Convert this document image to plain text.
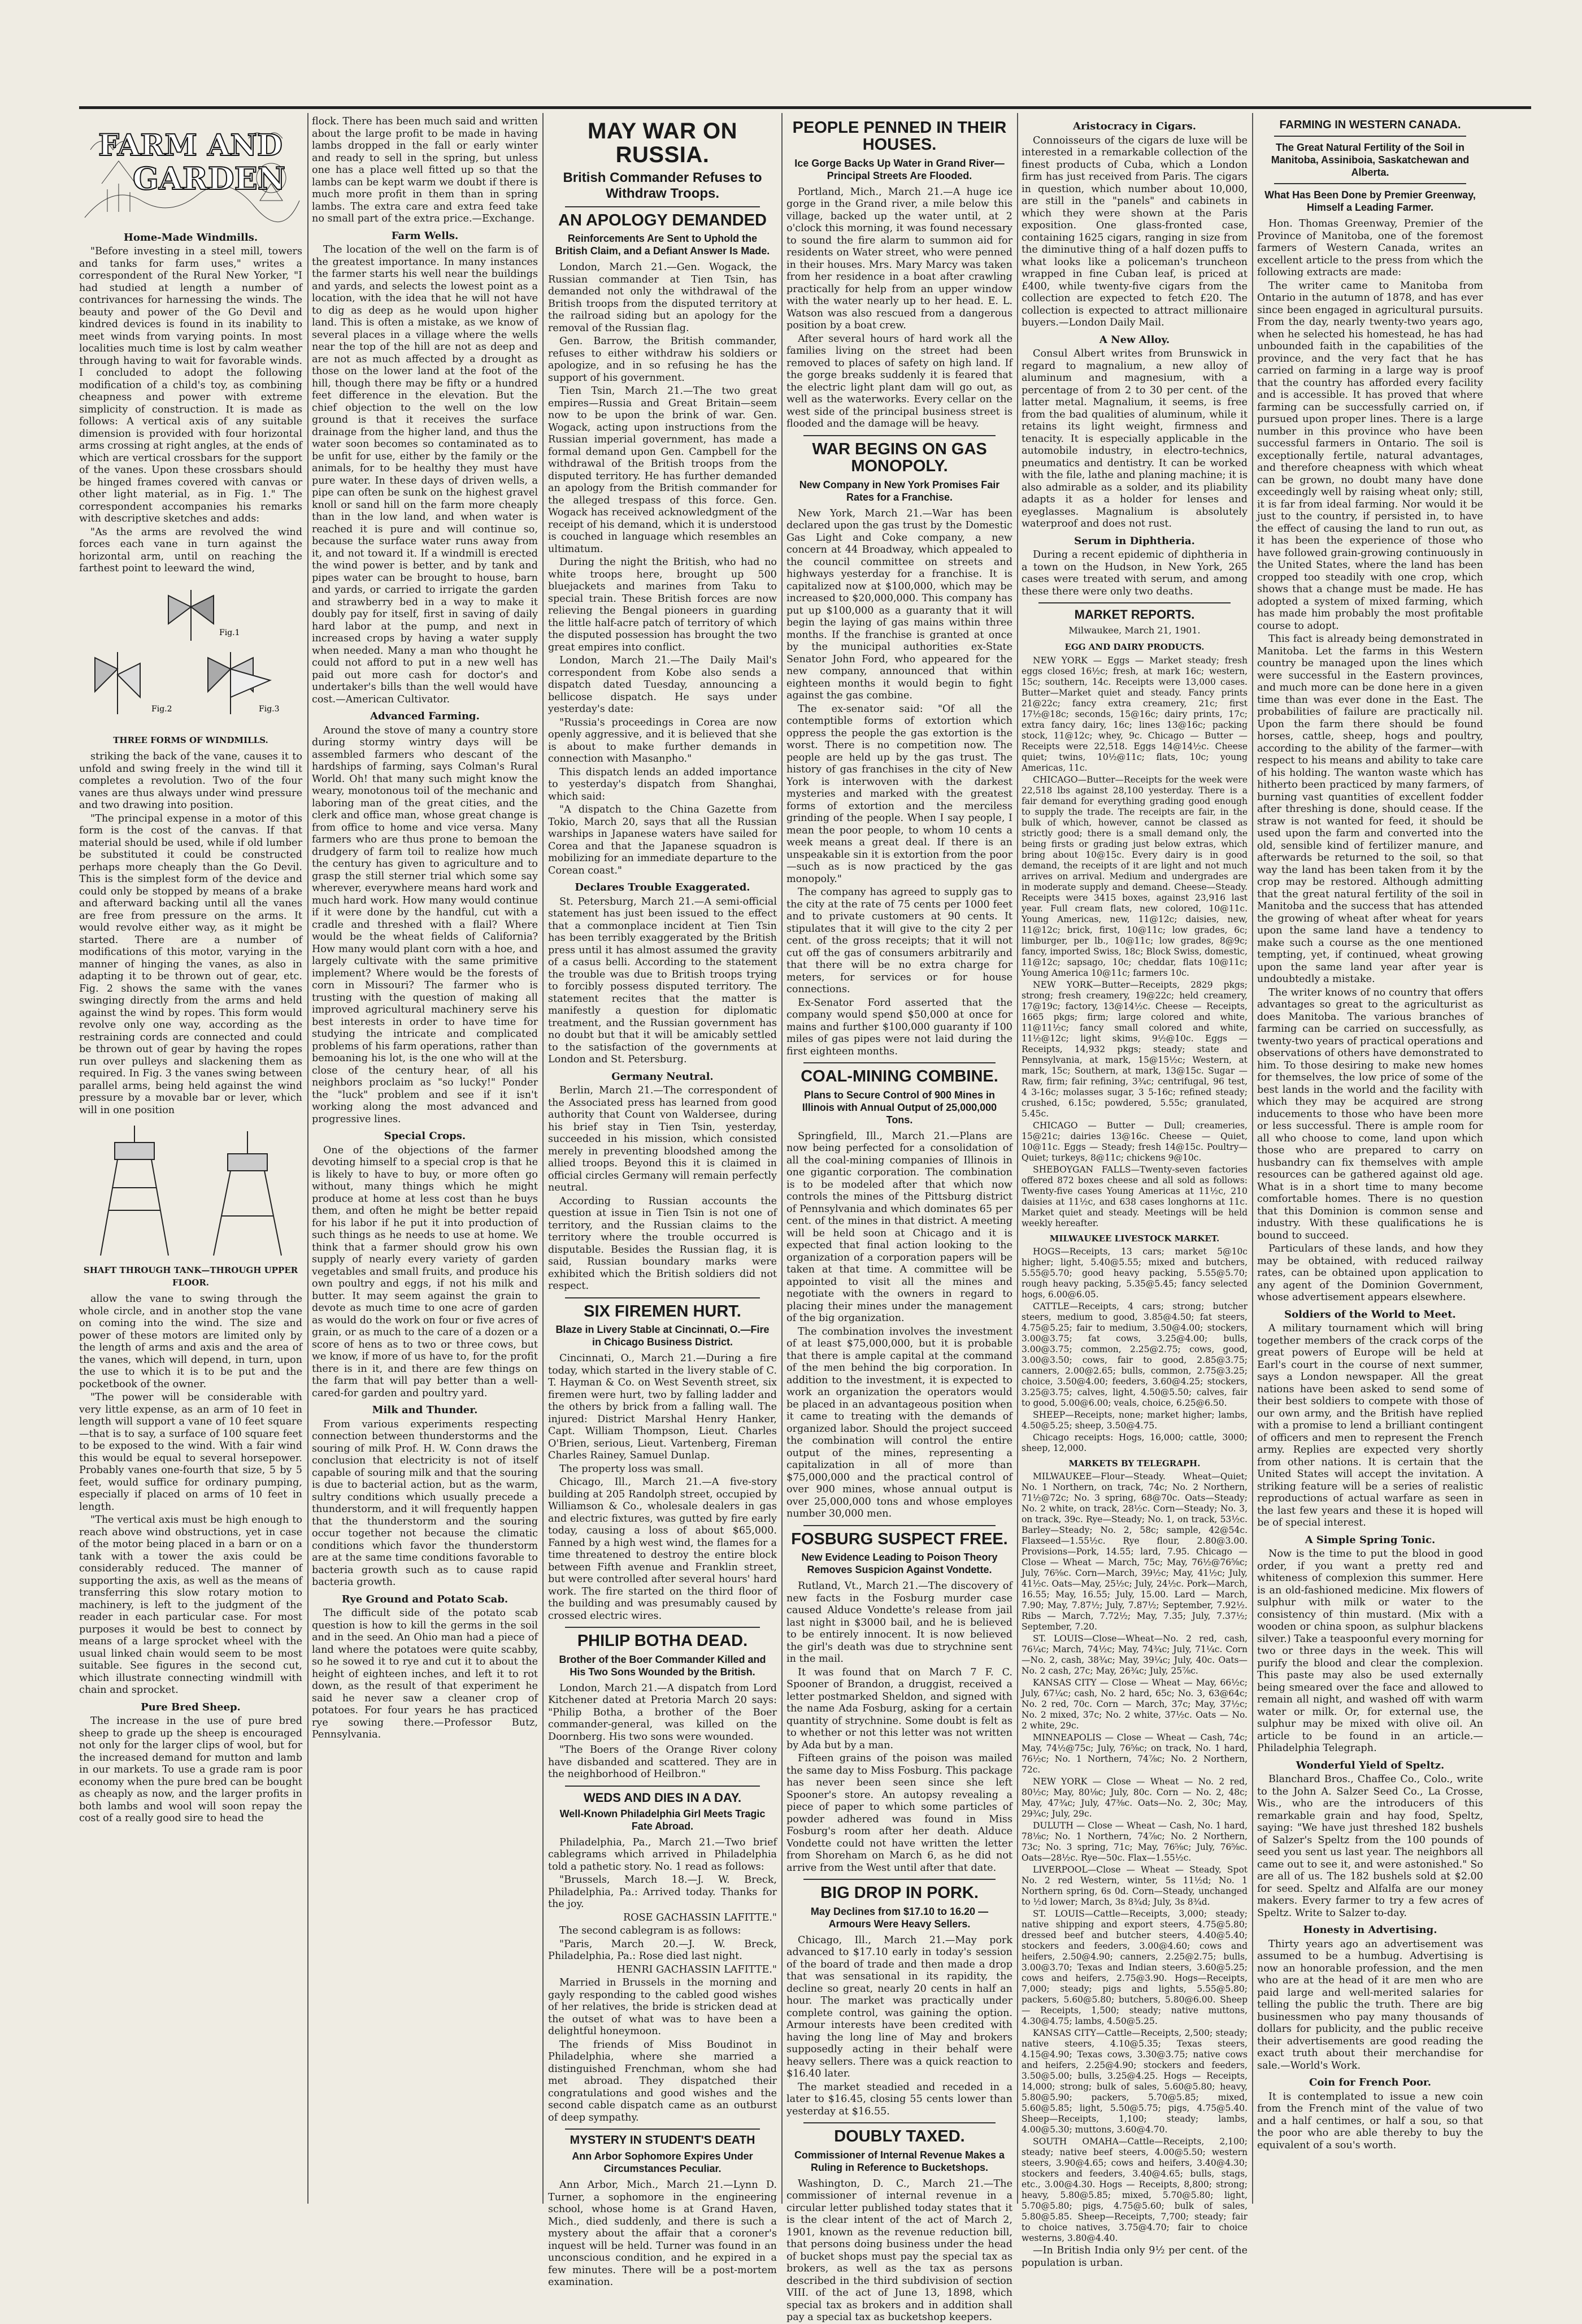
FARM AND
GARDEN
Home-Made Windmills.

"Before investing in a steel mill, towers and tanks for farm uses," writes a correspondent of the Rural New Yorker, "I had studied at length a number of contrivances for harnessing the winds. The beauty and power of the Go Devil and kindred devices is found in its inability to meet winds from varying points. In most localities much time is lost by calm weather through having to wait for favorable winds. I concluded to adopt the following modification of a child's toy, as combining cheapness and power with extreme simplicity of construction. It is made as follows: A vertical axis of any suitable dimension is provided with four horizontal arms crossing at right angles, at the ends of which are vertical crossbars for the support of the vanes. Upon these crossbars should be hinged frames covered with canvas or other light material, as in Fig. 1." The correspondent accompanies his remarks with descriptive sketches and adds:

"As the arms are revolved the wind forces each vane in turn against the horizontal arm, until on reaching the farthest point to leeward the wind,

Fig.1
Fig.2	Fig.3
THREE FORMS OF WINDMILLS.

striking the back of the vane, causes it to unfold and swing freely in the wind till it completes a revolution. Two of the four vanes are thus always under wind pressure and two drawing into position.

"The principal expense in a motor of this form is the cost of the canvas. If that material should be used, while if old lumber be substituted it could be constructed perhaps more cheaply than the Go Devil. This is the simplest form of the device and could only be stopped by means of a brake and afterward backing until all the vanes are free from pressure on the arms. It would revolve either way, as it might be started. There are a number of modifications of this motor, varying in the manner of hinging the vanes, as also in adapting it to be thrown out of gear, etc. Fig. 2 shows the same with the vanes swinging directly from the arms and held against the wind by ropes. This form would revolve only one way, according as the restraining cords are connected and could be thrown out of gear by having the ropes run over pulleys and slackening them as required. In Fig. 3 the vanes swing between parallel arms, being held against the wind pressure by a movable bar or lever, which will in one position

SHAFT THROUGH TANK—THROUGH UPPER FLOOR.

allow the vane to swing through the whole circle, and in another stop the vane on coming into the wind. The size and power of these motors are limited only by the length of arms and axis and the area of the vanes, which will depend, in turn, upon the use to which it is to be put and the pocketbook of the owner.

"The power will be considerable with very little expense, as an arm of 10 feet in length will support a vane of 10 feet square—that is to say, a surface of 100 square feet to be exposed to the wind. With a fair wind this would be equal to several horsepower. Probably vanes one-fourth that size, 5 by 5 feet, would suffice for ordinary pumping, especially if placed on arms of 10 feet in length.

"The vertical axis must be high enough to reach above wind obstructions, yet in case of the motor being placed in a barn or on a tank with a tower the axis could be considerably reduced. The manner of supporting the axis, as well as the means of transferring this slow rotary motion to machinery, is left to the judgment of the reader in each particular case. For most purposes it would be best to connect by means of a large sprocket wheel with the usual linked chain would seem to be most suitable. See figures in the second cut, which illustrate connecting windmill with chain and sprocket.

Pure Bred Sheep.

The increase in the use of pure bred sheep to grade up the sheep is encouraged not only for the larger clips of wool, but for the increased demand for mutton and lamb in our markets. To use a grade ram is poor economy when the pure bred can be bought as cheaply as now, and the larger profits in both lambs and wool will soon repay the cost of a really good sire to head the

flock. There has been much said and written about the large profit to be made in having lambs dropped in the fall or early winter and ready to sell in the spring, but unless one has a place well fitted up so that the lambs can be kept warm we doubt if there is much more profit in them than in spring lambs. The extra care and extra feed take no small part of the extra price.—Exchange.

Farm Wells.

The location of the well on the farm is of the greatest importance. In many instances the farmer starts his well near the buildings and yards, and selects the lowest point as a location, with the idea that he will not have to dig as deep as he would upon higher land. This is often a mistake, as we know of several places in a village where the wells near the top of the hill are not as deep and are not as much affected by a drought as those on the lower land at the foot of the hill, though there may be fifty or a hundred feet difference in the elevation. But the chief objection to the well on the low ground is that it receives the surface drainage from the higher land, and thus the water soon becomes so contaminated as to be unfit for use, either by the family or the animals, for to be healthy they must have pure water. In these days of driven wells, a pipe can often be sunk on the highest gravel knoll or sand hill on the farm more cheaply than in the low land, and when water is reached it is pure and will continue so, because the surface water runs away from it, and not toward it. If a windmill is erected the wind power is better, and by tank and pipes water can be brought to house, barn and yards, or carried to irrigate the garden and strawberry bed in a way to make it doubly pay for itself, first in saving of daily hard labor at the pump, and next in increased crops by having a water supply when needed. Many a man who thought he could not afford to put in a new well has paid out more cash for doctor's and undertaker's bills than the well would have cost.—American Cultivator.

Advanced Farming.

Around the stove of many a country store during stormy wintry days will be assembled farmers who descant of the hardships of farming, says Colman's Rural World. Oh! that many such might know the weary, monotonous toil of the mechanic and laboring man of the great cities, and the clerk and office man, whose great change is from office to home and vice versa. Many farmers who are thus prone to bemoan the drudgery of farm toil to realize how much the century has given to agriculture and to grasp the still sterner trial which some say wherever, everywhere means hard work and much hard work. How many would continue if it were done by the handful, cut with a cradle and threshed with a flail? Where would be the wheat fields of California? How many would plant corn with a hoe, and largely cultivate with the same primitive implement? Where would be the forests of corn in Missouri? The farmer who is trusting with the question of making all improved agricultural machinery serve his best interests in order to have time for studying the intricate and complicated problems of his farm operations, rather than bemoaning his lot, is the one who will at the close of the century hear, of all his neighbors proclaim as "so lucky!" Ponder the "luck" problem and see if it isn't working along the most advanced and progressive lines.

Special Crops.

One of the objections of the farmer devoting himself to a special crop is that he is likely to have to buy, or more often go without, many things which he might produce at home at less cost than he buys them, and often he might be better repaid for his labor if he put it into production of such things as he needs to use at home. We think that a farmer should grow his own supply of nearly every variety of garden vegetables and small fruits, and produce his own poultry and eggs, if not his milk and butter. It may seem against the grain to devote as much time to one acre of garden as would do the work on four or five acres of grain, or as much to the care of a dozen or a score of hens as to two or three cows, but we know, if more of us have to, for the profit there is in it, and there are few things on the farm that will pay better than a well-cared-for garden and poultry yard.

Milk and Thunder.

From various experiments respecting connection between thunderstorms and the souring of milk Prof. H. W. Conn draws the conclusion that electricity is not of itself capable of souring milk and that the souring is due to bacterial action, but as the warm, sultry conditions which usually precede a thunderstorm, and it will frequently happen that the thunderstorm and the souring occur together not because the climatic conditions which favor the thunderstorm are at the same time conditions favorable to bacteria growth such as to cause rapid bacteria growth.

Rye Ground and Potato Scab.

The difficult side of the potato scab question is how to kill the germs in the soil and in the seed. An Ohio man had a piece of land where the potatoes were quite scabby, so he sowed it to rye and cut it to about the height of eighteen inches, and left it to rot down, as the result of that experiment he said he never saw a cleaner crop of potatoes. For four years he has practiced rye sowing there.—Professor Butz, Pennsylvania.

MAY WAR ON RUSSIA.
British Commander Refuses to Withdraw Troops.
AN APOLOGY DEMANDED
Reinforcements Are Sent to Uphold the British Claim, and a Defiant Answer Is Made.

London, March 21.—Gen. Wogack, the Russian commander at Tien Tsin, has demanded not only the withdrawal of the British troops from the disputed territory at the railroad siding but an apology for the removal of the Russian flag.

Gen. Barrow, the British commander, refuses to either withdraw his soldiers or apologize, and in so refusing he has the support of his government.

Tien Tsin, March 21.—The two great empires—Russia and Great Britain—seem now to be upon the brink of war. Gen. Wogack, acting upon instructions from the Russian imperial government, has made a formal demand upon Gen. Campbell for the withdrawal of the British troops from the disputed territory. He has further demanded an apology from the British commander for the alleged trespass of this force. Gen. Wogack has received acknowledgment of the receipt of his demand, which it is understood is couched in language which resembles an ultimatum.

During the night the British, who had no white troops here, brought up 500 bluejackets and marines from Taku to special train. These British forces are now relieving the Bengal pioneers in guarding the little half-acre patch of territory of which the disputed possession has brought the two great empires into conflict.

London, March 21.—The Daily Mail's correspondent from Kobe also sends a dispatch dated Tuesday, announcing a bellicose dispatch. He says under yesterday's date:

"Russia's proceedings in Corea are now openly aggressive, and it is believed that she is about to make further demands in connection with Masanpho."

This dispatch lends an added importance to yesterday's dispatch from Shanghai, which said:

"A dispatch to the China Gazette from Tokio, March 20, says that all the Russian warships in Japanese waters have sailed for Corea and that the Japanese squadron is mobilizing for an immediate departure to the Corean coast."

Declares Trouble Exaggerated.

St. Petersburg, March 21.—A semi-official statement has just been issued to the effect that a commonplace incident at Tien Tsin has been terribly exaggerated by the British press until it has almost assumed the gravity of a casus belli. According to the statement the trouble was due to British troops trying to forcibly possess disputed territory. The statement recites that the matter is manifestly a question for diplomatic treatment, and the Russian government has no doubt but that it will be amicably settled to the satisfaction of the governments at London and St. Petersburg.

Germany Neutral.

Berlin, March 21.—The correspondent of the Associated press has learned from good authority that Count von Waldersee, during his brief stay in Tien Tsin, yesterday, succeeded in his mission, which consisted merely in preventing bloodshed among the allied troops. Beyond this it is claimed in official circles Germany will remain perfectly neutral.

According to Russian accounts the question at issue in Tien Tsin is not one of territory, and the Russian claims to the territory where the trouble occurred is disputable. Besides the Russian flag, it is said, Russian boundary marks were exhibited which the British soldiers did not respect.

SIX FIREMEN HURT.
Blaze in Livery Stable at Cincinnati, O.—Fire in Chicago Business District.

Cincinnati, O., March 21.—During a fire today, which started in the livery stable of C. T. Hayman & Co. on West Seventh street, six firemen were hurt, two by falling ladder and the others by brick from a falling wall. The injured: District Marshal Henry Hanker, Capt. William Thompson, Lieut. Charles O'Brien, serious, Lieut. Vartenberg, Fireman Charles Rainey, Samuel Dunlap.

The property loss was small.

Chicago, Ill., March 21.—A five-story building at 205 Randolph street, occupied by Williamson & Co., wholesale dealers in gas and electric fixtures, was gutted by fire early today, causing a loss of about $65,000. Fanned by a high west wind, the flames for a time threatened to destroy the entire block between Fifth avenue and Franklin street, but were controlled after several hours' hard work. The fire started on the third floor of the building and was presumably caused by crossed electric wires.

PHILIP BOTHA DEAD.
Brother of the Boer Commander Killed and His Two Sons Wounded by the British.

London, March 21.—A dispatch from Lord Kitchener dated at Pretoria March 20 says: "Philip Botha, a brother of the Boer commander-general, was killed on the Doornberg. His two sons were wounded.

"The Boers of the Orange River colony have disbanded and scattered. They are in the neighborhood of Heilbron."

WEDS AND DIES IN A DAY.
Well-Known Philadelphia Girl Meets Tragic Fate Abroad.

Philadelphia, Pa., March 21.—Two brief cablegrams which arrived in Philadelphia told a pathetic story. No. 1 read as follows:

"Brussels, March 18.—J. W. Breck, Philadelphia, Pa.: Arrived today. Thanks for the joy.

ROSE GACHASSIN LAFITTE."

The second cablegram is as follows:

"Paris, March 20.—J. W. Breck, Philadelphia, Pa.: Rose died last night.

HENRI GACHASSIN LAFITTE."

Married in Brussels in the morning and gayly responding to the cabled good wishes of her relatives, the bride is stricken dead at the outset of what was to have been a delightful honeymoon.

The friends of Miss Boudinot in Philadelphia, where she married a distinguished Frenchman, whom she had met abroad. They dispatched their congratulations and good wishes and the second cable dispatch came as an outburst of deep sympathy.

MYSTERY IN STUDENT'S DEATH
Ann Arbor Sophomore Expires Under Circumstances Peculiar.

Ann Arbor, Mich., March 21.—Lynn D. Turner, a sophomore in the engineering school, whose home is at Grand Haven, Mich., died suddenly, and there is such a mystery about the affair that a coroner's inquest will be held. Turner was found in an unconscious condition, and he expired in a few minutes. There will be a post-mortem examination.

PEOPLE PENNED IN THEIR HOUSES.
Ice Gorge Backs Up Water in Grand River—Principal Streets Are Flooded.

Portland, Mich., March 21.—A huge ice gorge in the Grand river, a mile below this village, backed up the water until, at 2 o'clock this morning, it was found necessary to sound the fire alarm to summon aid for residents on Water street, who were penned in their houses. Mrs. Mary Marcy was taken from her residence in a boat after crawling practically for help from an upper window with the water nearly up to her head. E. L. Watson was also rescued from a dangerous position by a boat crew.

After several hours of hard work all the families living on the street had been removed to places of safety on high land. If the gorge breaks suddenly it is feared that the electric light plant dam will go out, as well as the waterworks. Every cellar on the west side of the principal business street is flooded and the damage will be heavy.

WAR BEGINS ON GAS MONOPOLY.
New Company in New York Promises Fair Rates for a Franchise.

New York, March 21.—War has been declared upon the gas trust by the Domestic Gas Light and Coke company, a new concern at 44 Broadway, which appealed to the council committee on streets and highways yesterday for a franchise. It is capitalized now at $100,000, which may be increased to $20,000,000. This company has put up $100,000 as a guaranty that it will begin the laying of gas mains within three months. If the franchise is granted at once by the municipal authorities ex-State Senator John Ford, who appeared for the new company, announced that within eighteen months it would begin to fight against the gas combine.

The ex-senator said: "Of all the contemptible forms of extortion which oppress the people the gas extortion is the worst. There is no competition now. The people are held up by the gas trust. The history of gas franchises in the city of New York is interwoven with the darkest mysteries and marked with the greatest forms of extortion and the merciless grinding of the people. When I say people, I mean the poor people, to whom 10 cents a week means a great deal. If there is an unspeakable sin it is extortion from the poor—such as is now practiced by the gas monopoly."

The company has agreed to supply gas to the city at the rate of 75 cents per 1000 feet and to private customers at 90 cents. It stipulates that it will give to the city 2 per cent. of the gross receipts; that it will not cut off the gas of consumers arbitrarily and that there will be no extra charge for meters, for services or for house connections.

Ex-Senator Ford asserted that the company would spend $50,000 at once for mains and further $100,000 guaranty if 100 miles of gas pipes were not laid during the first eighteen months.

COAL-MINING COMBINE.
Plans to Secure Control of 900 Mines in Illinois with Annual Output of 25,000,000 Tons.

Springfield, Ill., March 21.—Plans are now being perfected for a consolidation of all the coal-mining companies of Illinois in one gigantic corporation. The combination is to be modeled after that which now controls the mines of the Pittsburg district of Pennsylvania and which dominates 65 per cent. of the mines in that district. A meeting will be held soon at Chicago and it is expected that final action looking to the organization of a corporation papers will be taken at that time. A committee will be appointed to visit all the mines and negotiate with the owners in regard to placing their mines under the management of the big organization.

The combination involves the investment of at least $75,000,000, but it is probable that there is ample capital at the command of the men behind the big corporation. In addition to the investment, it is expected to work an organization the operators would be placed in an advantageous position when it came to treating with the demands of organized labor. Should the project succeed the combination will control the entire output of the mines, representing a capitalization in all of more than $75,000,000 and the practical control of over 900 mines, whose annual output is over 25,000,000 tons and whose employes number 30,000 men.

FOSBURG SUSPECT FREE.
New Evidence Leading to Poison Theory Removes Suspicion Against Vondette.

Rutland, Vt., March 21.—The discovery of new facts in the Fosburg murder case caused Alduce Vondette's release from jail last night in $3000 bail, and he is believed to be entirely innocent. It is now believed the girl's death was due to strychnine sent in the mail.

It was found that on March 7 F. C. Spooner of Brandon, a druggist, received a letter postmarked Sheldon, and signed with the name Ada Fosburg, asking for a certain quantity of strychnine. Some doubt is felt as to whether or not this letter was not written by Ada but by a man.

Fifteen grains of the poison was mailed the same day to Miss Fosburg. This package has never been seen since she left Spooner's store. An autopsy revealing a piece of paper to which some particles of powder adhered was found in Miss Fosburg's room after her death. Alduce Vondette could not have written the letter from Shoreham on March 6, as he did not arrive from the West until after that date.

BIG DROP IN PORK.
May Declines from $17.10 to 16.20 —Armours Were Heavy Sellers.

Chicago, Ill., March 21.—May pork advanced to $17.10 early in today's session of the board of trade and then made a drop that was sensational in its rapidity, the decline so great, nearly 20 cents in half an hour. The market was practically under complete control, was gaining the option. Armour interests have been credited with having the long line of May and brokers supposedly acting in their behalf were heavy sellers. There was a quick reaction to $16.40 later.

The market steadied and receded in a later to $16.45, closing 55 cents lower than yesterday at $16.55.

DOUBLY TAXED.
Commissioner of Internal Revenue Makes a Ruling in Reference to Bucketshops.

Washington, D. C., March 21.—The commissioner of internal revenue in a circular letter published today states that it is the clear intent of the act of March 2, 1901, known as the revenue reduction bill, that persons doing business under the head of bucket shops must pay the special tax as brokers, as well as the tax as persons described in the third subdivision of section VIII. of the act of June 13, 1898, which special tax as brokers and in addition shall pay a special tax as bucketshop keepers.

Aristocracy in Cigars.

Connoisseurs of the cigars de luxe will be interested in a remarkable collection of the finest products of Cuba, which a London firm has just received from Paris. The cigars in question, which number about 10,000, are still in the "panels" and cabinets in which they were shown at the Paris exposition. One glass-fronted case, containing 1625 cigars, ranging in size from the diminutive thing of a half dozen puffs to what looks like a policeman's truncheon wrapped in fine Cuban leaf, is priced at £400, while twenty-five cigars from the collection are expected to fetch £20. The collection is expected to attract millionaire buyers.—London Daily Mail.

A New Alloy.

Consul Albert writes from Brunswick in regard to magnalium, a new alloy of aluminum and magnesium, with a percentage of from 2 to 30 per cent. of the latter metal. Magnalium, it seems, is free from the bad qualities of aluminum, while it retains its light weight, firmness and tenacity. It is especially applicable in the automobile industry, in electro-technics, pneumatics and dentistry. It can be worked with the file, lathe and planing machine; it is also admirable as a solder, and its pliability adapts it as a holder for lenses and eyeglasses. Magnalium is absolutely waterproof and does not rust.

Serum in Diphtheria.

During a recent epidemic of diphtheria in a town on the Hudson, in New York, 265 cases were treated with serum, and among these there were only two deaths.

MARKET REPORTS.
Milwaukee, March 21, 1901.
EGG AND DAIRY PRODUCTS.

NEW YORK — Eggs — Market steady; fresh eggs closed 16½c; fresh, at mark 16c; western, 15c; southern, 14c. Receipts were 13,000 cases. Butter—Market quiet and steady. Fancy prints 21@22c; fancy extra creamery, 21c; first 17½@18c; seconds, 15@16c; dairy prints, 17c; extra fancy dairy, 16c; lines 13@16c; packing stock, 11@12c; whey, 9c. Chicago — Butter — Receipts were 22,518. Eggs 14@14½c. Cheese quiet; twins, 10½@11c; flats, 10c; young Americas, 11c.

CHICAGO—Butter—Receipts for the week were 22,518 lbs against 28,100 yesterday. There is a fair demand for everything grading good enough to supply the trade. The receipts are fair, in the bulk of which, however, cannot be classed as strictly good; there is a small demand only, the being firsts or grading just below extras, which bring about 10@15c. Every dairy is in good demand, the receipts of it are light and not much arrives on arrival. Medium and undergrades are in moderate supply and demand. Cheese—Steady. Receipts were 3415 boxes, against 23,916 last year. Full cream flats, new colored, 10@11c. Young Americas, new, 11@12c; daisies, new, 11@12c; brick, first, 10@11c; low grades, 6c; limburger, per lb., 10@11c; low grades, 8@9c; fancy, imported Swiss, 18c; Block Swiss, domestic, 11@12c; sapsago, 10c; cheddar, flats 10@11c; Young America 10@11c; farmers 10c.

NEW YORK—Butter—Receipts, 2829 pkgs; strong; fresh creamery, 19@22c; held creamery, 17@19c; factory, 13@14½c. Cheese — Receipts, 1665 pkgs; firm; large colored and white, 11@11½c; fancy small colored and white, 11½@12c; light skims, 9½@10c. Eggs — Receipts, 14,932 pkgs; steady; state and Pennsylvania, at mark, 15@15½c; Western, at mark, 15c; Southern, at mark, 13@15c. Sugar — Raw, firm; fair refining, 3¾c; centrifugal, 96 test, 4 3-16c; molasses sugar, 3 5-16c; refined steady; crushed, 6.15c; powdered, 5.55c; granulated, 5.45c.

CHICAGO — Butter — Dull; creameries, 15@21c; dairies 13@16c. Cheese — Quiet, 10@11c. Eggs — Steady; fresh 14@15c. Poultry—Quiet; turkeys, 8@11c; chickens 9@10c.

SHEBOYGAN FALLS—Twenty-seven factories offered 872 boxes cheese and all sold as follows: Twenty-five cases Young Americas at 11½c, 210 daisies at 11½c, and 638 cases longhorns at 11c. Market quiet and steady. Meetings will be held weekly hereafter.

MILWAUKEE LIVESTOCK MARKET.

HOGS—Receipts, 13 cars; market 5@10c higher; light, 5.40@5.55; mixed and butchers, 5.55@5.70; good heavy packing, 5.55@5.70; rough heavy packing, 5.35@5.45; fancy selected hogs, 6.00@6.05.

CATTLE—Receipts, 4 cars; strong; butcher steers, medium to good, 3.85@4.50; fat steers, 4.75@5.25; fair to medium, 3.50@4.00; stockers, 3.00@3.75; fat cows, 3.25@4.00; bulls, 3.00@3.75; common, 2.25@2.75; cows, good, 3.00@3.50; cows, fair to good, 2.85@3.75; canners, 2.00@2.65; bulls, common, 2.75@3.25; choice, 3.50@4.00; feeders, 3.60@4.25; stockers, 3.25@3.75; calves, light, 4.50@5.50; calves, fair to good, 5.00@6.00; veals, choice, 6.25@6.50.

SHEEP—Receipts, none; market higher; lambs, 4.50@5.25; sheep, 3.50@4.75.

Chicago receipts: Hogs, 16,000; cattle, 3000; sheep, 12,000.

MARKETS BY TELEGRAPH.

MILWAUKEE—Flour—Steady. Wheat—Quiet; No. 1 Northern, on track, 74c; No. 2 Northern, 71½@72c; No. 3 spring, 68@70c. Oats—Steady; No. 2 white, on track, 28½c. Corn—Steady; No. 3, on track, 39c. Rye—Steady; No. 1, on track, 53½c. Barley—Steady; No. 2, 58c; sample, 42@54c. Flaxseed—1.55½c. Rye flour, 2.80@3.00. Provisions—Pork, 14.55; lard, 7.95. Chicago — Close — Wheat — March, 75c; May, 76½@76⅝c; July, 76⅝c. Corn—March, 39½c; May, 41½c; July, 41½c. Oats—May, 25½c; July, 24½c. Pork—March, 16.55; May, 16.55; July, 15.00. Lard — March, 7.90; May, 7.87½; July, 7.87½; September, 7.92½. Ribs — March, 7.72½; May, 7.35; July, 7.37½; September, 7.20.

ST. LOUIS—Close—Wheat—No. 2 red, cash, 76¼c; March, 74½c; May, 74¾c; July, 71¼c. Corn—No. 2, cash, 38¾c; May, 39¼c; July, 40c. Oats—No. 2 cash, 27c; May, 26¾c; July, 25⅞c.

KANSAS CITY — Close — Wheat — May, 66½c; July, 67¼c; cash, No. 2 hard, 65c; No. 3, 63@64c; No. 2 red, 70c. Corn — March, 37c; May, 37½c; No. 2 mixed, 37c; No. 2 white, 37½c. Oats — No. 2 white, 29c.

MINNEAPOLIS — Close — Wheat — Cash, 74c; May, 74½@75c; July, 76⅝c; on track, No. 1 hard, 76½c; No. 1 Northern, 74⅞c; No. 2 Northern, 72c.

NEW YORK — Close — Wheat — No. 2 red, 80½c; May, 80⅛c; July, 80c. Corn — No. 2, 48c; May, 47¾c; July, 47⅜c. Oats—No. 2, 30c; May, 29¾c; July, 29c.

DULUTH — Close — Wheat — Cash, No. 1 hard, 78⅛c; No. 1 Northern, 74⅞c; No. 2 Northern, 73c; No. 3 spring, 71c; May, 76⅝c; July, 76⅝c. Oats—28½c. Rye—50c. Flax—1.55½c.

LIVERPOOL—Close — Wheat — Steady, Spot No. 2 red Western, winter, 5s 11½d; No. 1 Northern spring, 6s 0d. Corn—Steady, unchanged to ½d lower; March, 3s 8¾d; July, 3s 8¾d.

ST. LOUIS—Cattle—Receipts, 3,000; steady; native shipping and export steers, 4.75@5.80; dressed beef and butcher steers, 4.40@5.40; stockers and feeders, 3.00@4.60; cows and heifers, 2.50@4.90; canners, 2.25@2.75; bulls, 3.00@3.70; Texas and Indian steers, 3.60@5.25; cows and heifers, 2.75@3.90. Hogs—Receipts, 7,000; steady; pigs and lights, 5.55@5.80; packers, 5.60@5.80; butchers, 5.80@6.00. Sheep — Receipts, 1,500; steady; native muttons, 4.30@4.75; lambs, 4.50@5.25.

KANSAS CITY—Cattle—Receipts, 2,500; steady; native steers, 4.10@5.35; Texas steers, 4.15@4.90; Texas cows, 3.30@3.75; native cows and heifers, 2.25@4.90; stockers and feeders, 3.50@5.00; bulls, 3.25@4.25. Hogs — Receipts, 14,000; strong; bulk of sales, 5.60@5.80; heavy, 5.80@5.90; packers, 5.70@5.85; mixed, 5.60@5.85; light, 5.50@5.75; pigs, 4.75@5.40. Sheep—Receipts, 1,100; steady; lambs, 4.00@5.30; muttons, 3.60@4.70.

SOUTH OMAHA—Cattle—Receipts, 2,100; steady; native beef steers, 4.00@5.50; western steers, 3.90@4.65; cows and heifers, 3.40@4.30; stockers and feeders, 3.40@4.65; bulls, stags, etc., 3.00@4.30. Hogs — Receipts, 8,800; strong; heavy, 5.80@5.85; mixed, 5.70@5.80; light, 5.70@5.80; pigs, 4.75@5.60; bulk of sales, 5.80@5.85. Sheep—Receipts, 7,700; steady; fair to choice natives, 3.75@4.70; fair to choice westerns, 3.80@4.40.

—In British India only 9½ per cent. of the population is urban.

FARMING IN WESTERN CANADA.
The Great Natural Fertility of the Soil in Manitoba, Assiniboia, Saskatchewan and Alberta.
What Has Been Done by Premier Greenway, Himself a Leading Farmer.

Hon. Thomas Greenway, Premier of the Province of Manitoba, one of the foremost farmers of Western Canada, writes an excellent article to the press from which the following extracts are made:

The writer came to Manitoba from Ontario in the autumn of 1878, and has ever since been engaged in agricultural pursuits. From the day, nearly twenty-two years ago, when he selected his homestead, he has had unbounded faith in the capabilities of the province, and the very fact that he has carried on farming in a large way is proof that the country has afforded every facility and is accessible. It has proved that where farming can be successfully carried on, if pursued upon proper lines. There is a large number in this province who have been successful farmers in Ontario. The soil is exceptionally fertile, natural advantages, and therefore cheapness with which wheat can be grown, no doubt many have done exceedingly well by raising wheat only; still, it is far from ideal farming. Nor would it be just to the country, if persisted in, to have the effect of causing the land to run out, as it has been the experience of those who have followed grain-growing continuously in the United States, where the land has been cropped too steadily with one crop, which shows that a change must be made. He has adopted a system of mixed farming, which has made him probably the most profitable course to adopt.

This fact is already being demonstrated in Manitoba. Let the farms in this Western country be managed upon the lines which were successful in the Eastern provinces, and much more can be done here in a given time than was ever done in the East. The probabilities of failure are practically nil. Upon the farm there should be found horses, cattle, sheep, hogs and poultry, according to the ability of the farmer—with respect to his means and ability to take care of his holding. The wanton waste which has hitherto been practiced by many farmers, of burning vast quantities of excellent fodder after threshing is done, should cease. If the straw is not wanted for feed, it should be used upon the farm and converted into the old, sensible kind of fertilizer manure, and afterwards be returned to the soil, so that way the land has been taken from it by the crop may be restored. Although admitting that the great natural fertility of the soil in Manitoba and the success that has attended the growing of wheat after wheat for years upon the same land have a tendency to make such a course as the one mentioned tempting, yet, if continued, wheat growing upon the same land year after year is undoubtedly a mistake.

The writer knows of no country that offers advantages so great to the agriculturist as does Manitoba. The various branches of farming can be carried on successfully, as twenty-two years of practical operations and observations of others have demonstrated to him. To those desiring to make new homes for themselves, the low price of some of the best lands in the world and the facility with which they may be acquired are strong inducements to those who have been more or less successful. There is ample room for all who choose to come, land upon which those who are prepared to carry on husbandry can fix themselves with ample resources can be gathered against old age. What is in a short time to many become comfortable homes. There is no question that this Dominion is common sense and industry. With these qualifications he is bound to succeed.

Particulars of these lands, and how they may be obtained, with reduced railway rates, can be obtained upon application to any agent of the Dominion Government, whose advertisement appears elsewhere.

Soldiers of the World to Meet.

A military tournament which will bring together members of the crack corps of the great powers of Europe will be held at Earl's court in the course of next summer, says a London newspaper. All the great nations have been asked to send some of their best soldiers to compete with those of our own army, and the British have replied with a promise to lend a brilliant contingent of officers and men to represent the French army. Replies are expected very shortly from other nations. It is certain that the United States will accept the invitation. A striking feature will be a series of realistic reproductions of actual warfare as seen in the last few years and these it is hoped will be of special interest.

A Simple Spring Tonic.

Now is the time to put the blood in good order, if you want a pretty red and whiteness of complexion this summer. Here is an old-fashioned medicine. Mix flowers of sulphur with milk or water to the consistency of thin mustard. (Mix with a wooden or china spoon, as sulphur blackens silver.) Take a teaspoonful every morning for two or three days in the week. This will purify the blood and clear the complexion. This paste may also be used externally being smeared over the face and allowed to remain all night, and washed off with warm water or milk. Or, for external use, the sulphur may be mixed with olive oil. An article to be found in an article.—Philadelphia Telegraph.

Wonderful Yield of Speltz.

Blanchard Bros., Chaffee Co., Colo., write to the John A. Salzer Seed Co., La Crosse, Wis., who are the introducers of this remarkable grain and hay food, Speltz, saying: "We have just threshed 182 bushels of Salzer's Speltz from the 100 pounds of seed you sent us last year. The neighbors all came out to see it, and were astonished." So are all of us. The 182 bushels sold at $2.00 for seed. Speltz and Alfalfa are our money makers. Every farmer to try a few acres of Speltz. Write to Salzer to-day.

Honesty in Advertising.

Thirty years ago an advertisement was assumed to be a humbug. Advertising is now an honorable profession, and the men who are at the head of it are men who are paid large and well-merited salaries for telling the public the truth. There are big businessmen who pay many thousands of dollars for publicity, and the public receive their advertisements are good reading the exact truth about their merchandise for sale.—World's Work.

Coin for French Poor.

It is contemplated to issue a new coin from the French mint of the value of two and a half centimes, or half a sou, so that the poor who are able thereby to buy the equivalent of a sou's worth.
